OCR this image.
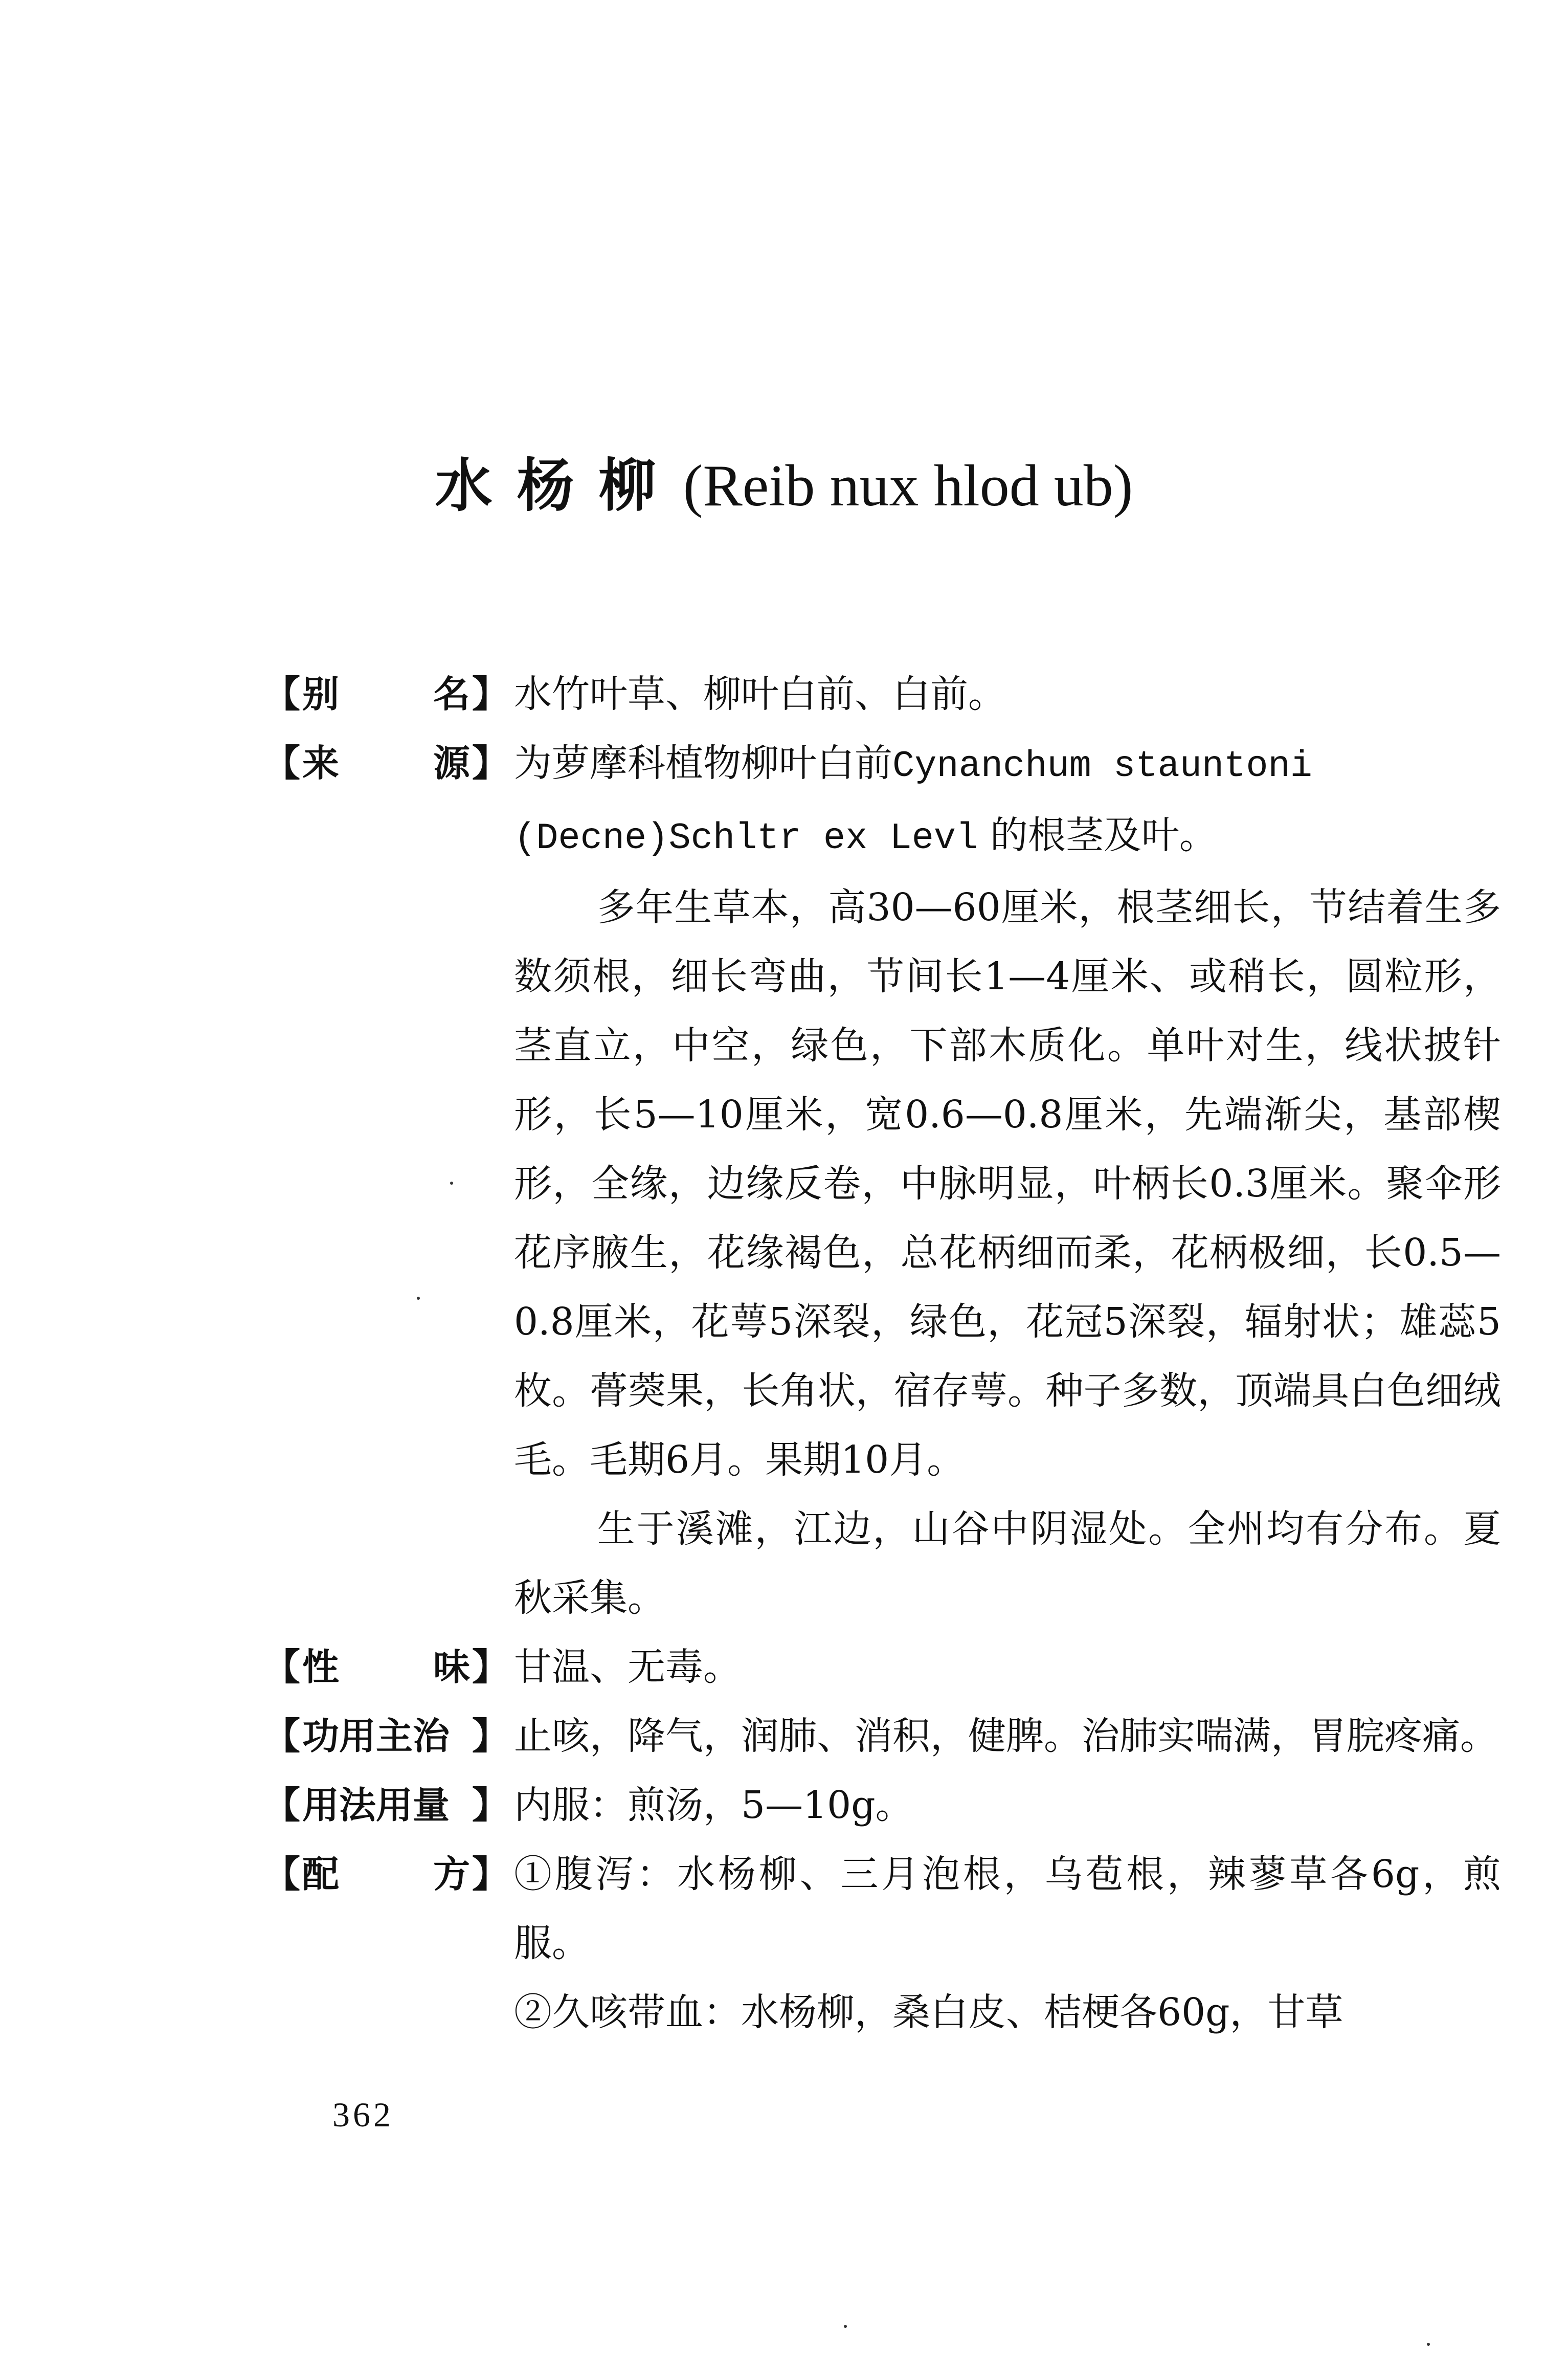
水杨柳 (Reib nux hlod ub)
【 别	名 】 水竹叶草、柳叶白前、白前。

【 来	源 】 为萝摩科植物柳叶白前Cynanchum stauntoni

(Decne)Schltr ex Levl 的根茎及叶。

多年生草本，高30—60厘米，根茎细长，节结着生多数须根，细长弯曲，节间长1—4厘米、或稍长，圆粒形，茎直立，中空，绿色，下部木质化。单叶对生，线状披针形，长5—10厘米，宽0.6—0.8厘米，先端渐尖，基部楔形，全缘，边缘反卷，中脉明显，叶柄长0.3厘米。聚伞形花序腋生，花缘褐色，总花柄细而柔，花柄极细，长0.5—0.8厘米，花萼5深裂，绿色，花冠5深裂，辐射状；雄蕊5枚。蓇葖果，长角状，宿存萼。种子多数，顶端具白色细绒毛。毛期6月。果期10月。

生于溪滩，江边，山谷中阴湿处。全州均有分布。夏秋采集。

【 性	味 】 甘温、无毒。

【 功用主治 】 止咳，降气，润肺、消积，健脾。治肺实喘满，胃脘疼痛。

【 用法用量 】 内服：煎汤，5—10g。

【 配	方 】 ①腹泻：水杨柳、三月泡根，乌苞根，辣蓼草各6g，煎服。

②久咳带血：水杨柳，桑白皮、桔梗各60g，甘草

362
